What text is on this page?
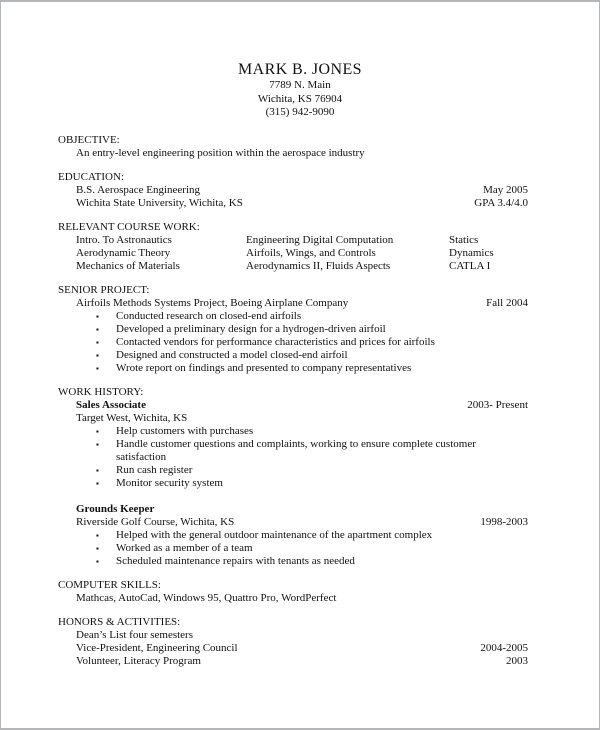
MARK B. JONES
7789 N. Main
Wichita, KS 76904
(315) 942-9090
OBJECTIVE:
An entry-level engineering position within the aerospace industry
EDUCATION:
B.S. Aerospace Engineering	May 2005
Wichita State University, Wichita, KS	GPA 3.4/4.0
RELEVANT COURSE WORK:
Intro. To Astronautics	Engineering Digital Computation	Statics
Aerodynamic Theory	Airfoils, Wings, and Controls	Dynamics
Mechanics of Materials	Aerodynamics II, Fluids Aspects	CATLA I
SENIOR PROJECT:
Airfoils Methods Systems Project, Boeing Airplane Company	Fall 2004
▪	Conducted research on closed-end airfoils
▪	Developed a preliminary design for a hydrogen-driven airfoil
▪	Contacted vendors for performance characteristics and prices for airfoils
▪	Designed and constructed a model closed-end airfoil
▪	Wrote report on findings and presented to company representatives
WORK HISTORY:
Sales Associate	2003- Present
Target West, Wichita, KS
▪	Help customers with purchases
▪	Handle customer questions and complaints, working to ensure complete customer satisfaction
▪	Run cash register
▪	Monitor security system
Grounds Keeper
Riverside Golf Course, Wichita, KS	1998-2003
▪	Helped with the general outdoor maintenance of the apartment complex
▪	Worked as a member of a team
▪	Scheduled maintenance repairs with tenants as needed
COMPUTER SKILLS:
Mathcas, AutoCad, Windows 95, Quattro Pro, WordPerfect
HONORS & ACTIVITIES:
Dean’s List four semesters
Vice-President, Engineering Council	2004-2005
Volunteer, Literacy Program	2003
